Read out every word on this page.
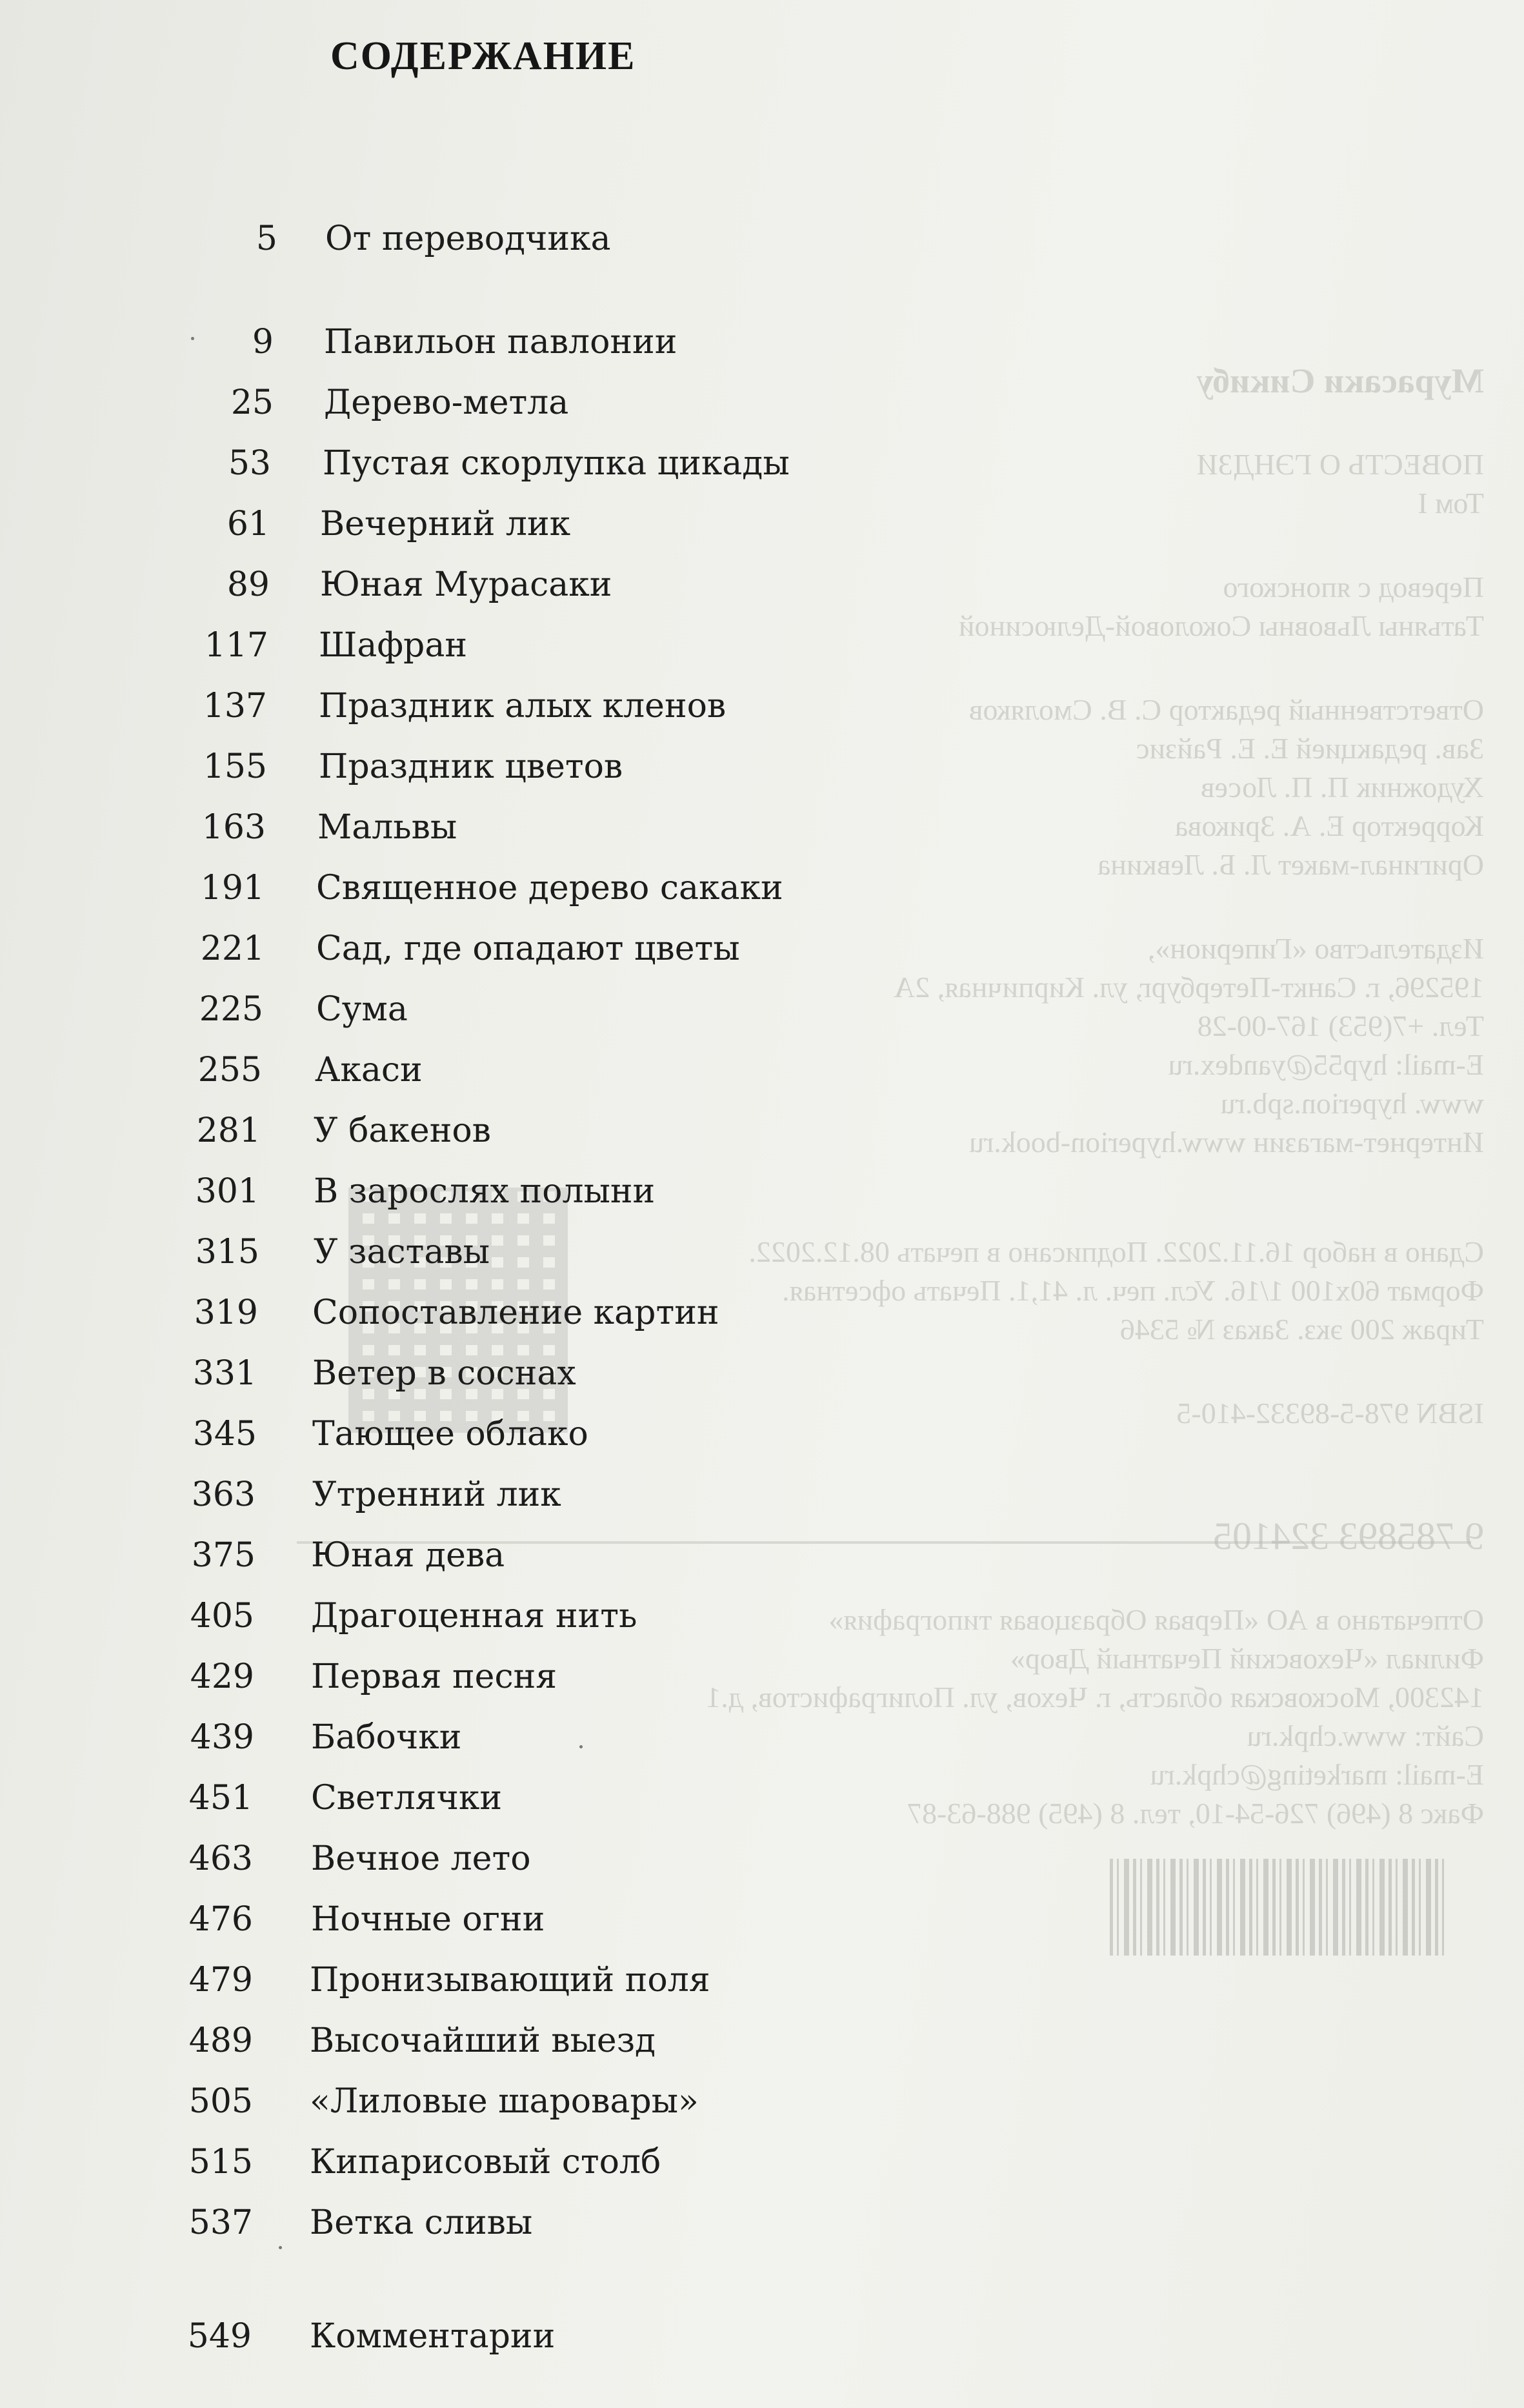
Мурасаки Сикибу
ПОВЕСТЬ О ГЭНДЗИ
Том I
Перевод с японского
Татьяны Львовны Соколовой-Делюсиной
Ответственный редактор С. В. Смоляков
Зав. редакцией Е. Е. Райзис
Художник П. П. Лосев
Корректор Е. А. Зрикова
Оригинал-макет Л. Б. Левкина
Издательство «Гиперион»,
195296, г. Санкт-Петербург, ул. Кирпичная, 2А
Тел. +7(953) 167-00-28
E-mail: hyp55@yandex.ru
www. hyperion.spb.ru
Интернет-магазин www.hyperion-book.ru
Сдано в набор 16.11.2022. Подписано в печать 08.12.2022.
Формат 60х100 1/16. Усл. печ. л. 41,1. Печать офсетная.
Тираж 200 экз. Заказ № 5346
ISBN 978-5-89332-410-5
9 785893 324105
Отпечатано в АО «Первая Образцовая типография»
Филиал «Чеховский Печатный Двор»
142300, Московская область, г. Чехов, ул. Полиграфистов, д.1
Сайт: www.chpk.ru
E-mail: marketing@chpk.ru
Факс 8 (496) 726-54-10, тел. 8 (495) 988-63-87
СОДЕРЖАНИЕ
5 От переводчика
9 Павильон павлонии
25 Дерево-метла
53 Пустая скорлупка цикады
61 Вечерний лик
89 Юная Мурасаки
117 Шафран
137 Праздник алых кленов
155 Праздник цветов
163 Мальвы
191 Священное дерево сакаки
221 Сад, где опадают цветы
225 Сума
255 Акаси
281 У бакенов
301 В зарослях полыни
315 У заставы
319 Сопоставление картин
331 Ветер в соснах
345 Тающее облако
363 Утренний лик
375 Юная дева
405 Драгоценная нить
429 Первая песня
439 Бабочки
451 Светлячки
463 Вечное лето
476 Ночные огни
479 Пронизывающий поля
489 Высочайший выезд
505 «Лиловые шаровары»
515 Кипарисовый столб
537 Ветка сливы
549 Комментарии
